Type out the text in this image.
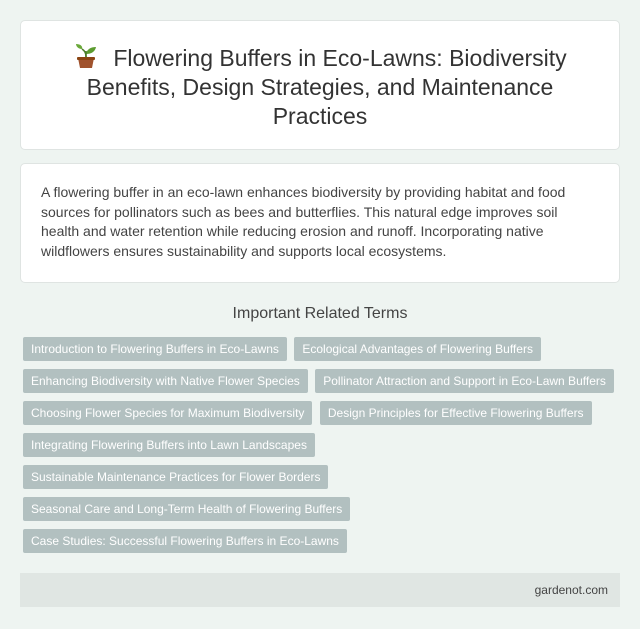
Flowering Buffers in Eco-Lawns: Biodiversity Benefits, Design Strategies, and Maintenance Practices
A flowering buffer in an eco-lawn enhances biodiversity by providing habitat and food sources for pollinators such as bees and butterflies. This natural edge improves soil health and water retention while reducing erosion and runoff. Incorporating native wildflowers ensures sustainability and supports local ecosystems.
Important Related Terms
Introduction to Flowering Buffers in Eco-Lawns Ecological Advantages of Flowering Buffers
Enhancing Biodiversity with Native Flower Species Pollinator Attraction and Support in Eco-Lawn Buffers
Choosing Flower Species for Maximum Biodiversity Design Principles for Effective Flowering Buffers
Integrating Flowering Buffers into Lawn Landscapes
Sustainable Maintenance Practices for Flower Borders
Seasonal Care and Long-Term Health of Flowering Buffers
Case Studies: Successful Flowering Buffers in Eco-Lawns
gardenot.com
